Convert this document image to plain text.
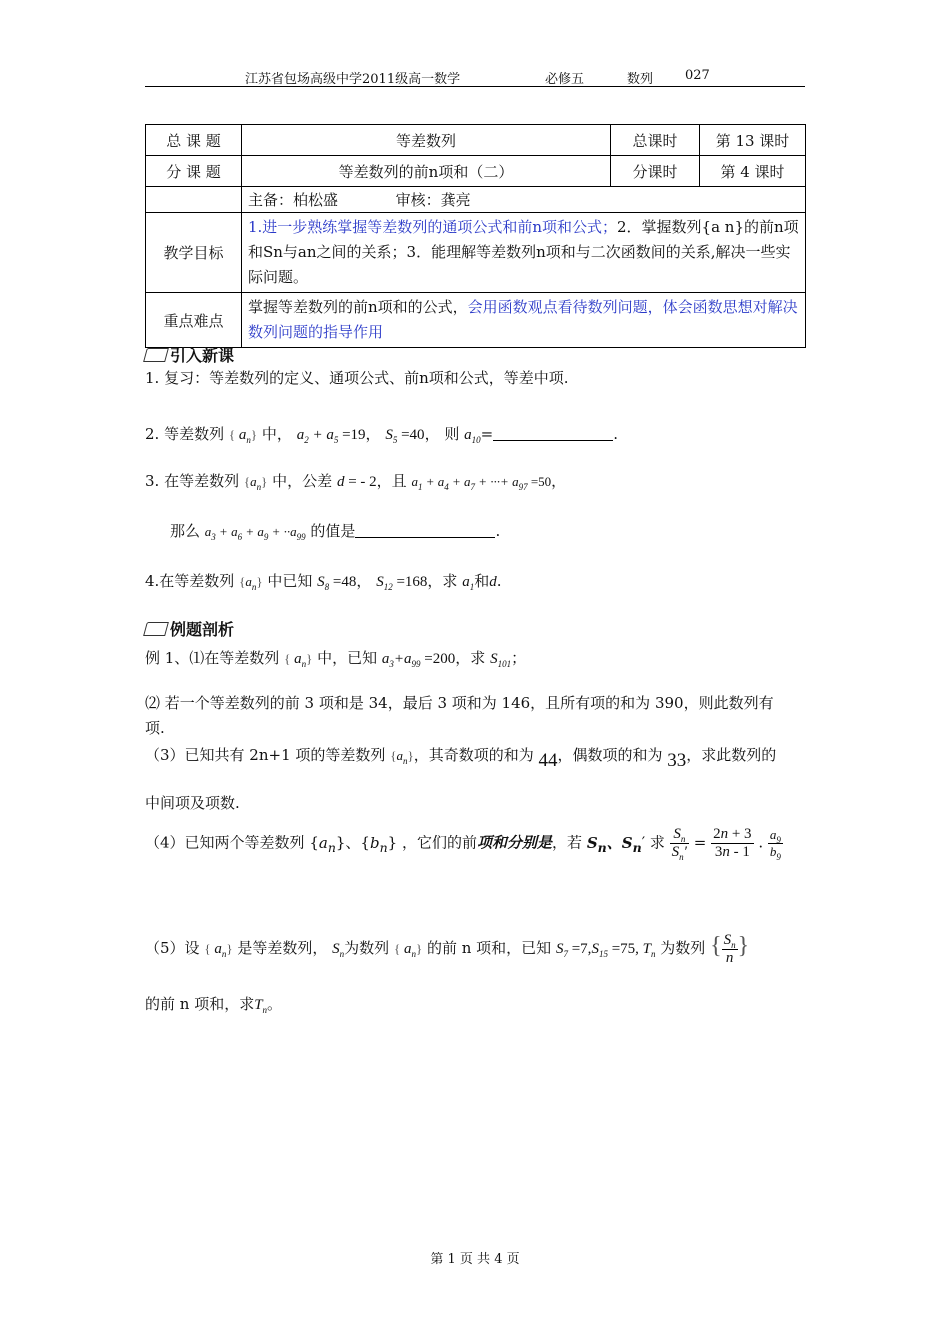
江苏省包场高级中学2011级高一数学	必修五	数列 027
总 课 题	等差数列	总课时	第 13 课时
分 课 题	等差数列的前n项和（二）	分课时	第 4 课时
	主备：柏松盛 审核：龚亮		
教学目标	1.进一步熟练掌握等差数列的通项公式和前n项和公式；2．掌握数列{a n}的前n项和Sn与an之间的关系；3．能理解等差数列n项和与二次函数间的关系,解决一些实际问题。		
重点难点	掌握等差数列的前n项和的公式，会用函数观点看待数列问题，体会函数思想对解决数列问题的指导作用		
引入新课
1. 复习：等差数列的定义、通项公式、前n项和公式，等差中项.
2. 等差数列 { $a_n$} 中， $a_2 + a_5 =19$， $S_5 =40$， 则 $a_{10}=$	.
3. 在等差数列 $\{a_n\}$ 中，公差 d = - 2，且 $a_1 + a_4 + a_7$ + ···+ $a_{97} =50$，
那么 $a_3 + a_6 + a_9 + \cdot\cdot a_{99}$ 的值是	.
4.在等差数列 $\{a_n\}$ 中已知 $S_8 =48$， $S_{12} =168$，求 $a_1$和d.
例题剖析
例 1、⑴在等差数列 { $a_n$} 中，已知 $a_3+a_{99} =200$，求 $S_{101}$；
⑵ 若一个等差数列的前 3 项和是 34，最后 3 项和为 146，且所有项的和为 390，则此数列有
项.
（3）已知共有 2n+1 项的等差数列 $\{a_n\}$，其奇数项的和为 44，偶数项的和为 33，求此数列的
中间项及项数.
（4）已知两个等差数列 $\{a_n\}$、$\{b_n\}$ ，它们的前项和分别是，若 $S_n$、$S_n'$ 求 $\frac{S_n}{S_n'} = \frac{2n + 3}{3n - 1}$ . $\frac{a_9}{b_9}$
（5）设 { $a_n$} 是等差数列， $S_n$为数列 { $a_n$} 的前 n 项和，已知 $S_7 =7,S_{15} =75$, $T_n$ 为数列 { $\frac{S_n}{n}$ }
的前 n 项和，求$T_n$。
第 1 页 共 4 页
